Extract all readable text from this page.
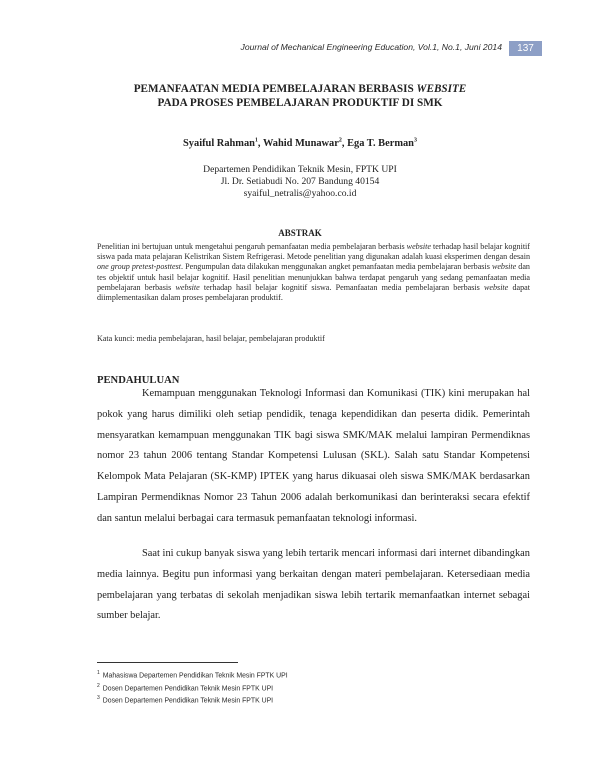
Journal of Mechanical Engineering Education, Vol.1, No.1, Juni 2014	137
PEMANFAATAN MEDIA PEMBELAJARAN BERBASIS WEBSITE
PADA PROSES PEMBELAJARAN PRODUKTIF DI SMK
Syaiful Rahman$^1$, Wahid Munawar$^2$, Ega T. Berman$^3$
Departemen Pendidikan Teknik Mesin, FPTK UPI
Jl. Dr. Setiabudi No. 207 Bandung 40154
syaiful_netralis@yahoo.co.id
ABSTRAK
Penelitian ini bertujuan untuk mengetahui pengaruh pemanfaatan media pembelajaran berbasis website terhadap hasil belajar kognitif siswa pada mata pelajaran Kelistrikan Sistem Refrigerasi. Metode penelitian yang digunakan adalah kuasi eksperimen dengan desain one group pretest-posttest. Pengumpulan data dilakukan menggunakan angket pemanfaatan media pembelajaran berbasis website dan tes objektif untuk hasil belajar kognitif. Hasil penelitian menunjukkan bahwa terdapat pengaruh yang sedang pemanfaatan media pembelajaran berbasis website terhadap hasil belajar kognitif siswa. Pemanfaatan media pembelajaran berbasis website dapat diimplementasikan dalam proses pembelajaran produktif.
Kata kunci: media pembelajaran, hasil belajar, pembelajaran produktif
PENDAHULUAN

Kemampuan menggunakan Teknologi Informasi dan Komunikasi (TIK) kini merupakan hal pokok yang harus dimiliki oleh setiap pendidik, tenaga kependidikan dan peserta didik. Pemerintah mensyaratkan kemampuan menggunakan TIK bagi siswa SMK/MAK melalui lampiran Permendiknas nomor 23 tahun 2006 tentang Standar Kompetensi Lulusan (SKL). Salah satu Standar Kompetensi Kelompok Mata Pelajaran (SK-KMP) IPTEK yang harus dikuasai oleh siswa SMK/MAK berdasarkan Lampiran Permendiknas Nomor 23 Tahun 2006 adalah berkomunikasi dan berinteraksi secara efektif dan santun melalui berbagai cara termasuk pemanfaatan teknologi informasi.

Saat ini cukup banyak siswa yang lebih tertarik mencari informasi dari internet dibandingkan media lainnya. Begitu pun informasi yang berkaitan dengan materi pembelajaran. Ketersediaan media pembelajaran yang terbatas di sekolah menjadikan siswa lebih tertarik memanfaatkan internet sebagai sumber belajar.

$^1$ Mahasiswa Departemen Pendidikan Teknik Mesin FPTK UPI
$^2$ Dosen Departemen Pendidikan Teknik Mesin FPTK UPI
$^3$ Dosen Departemen Pendidikan Teknik Mesin FPTK UPI
